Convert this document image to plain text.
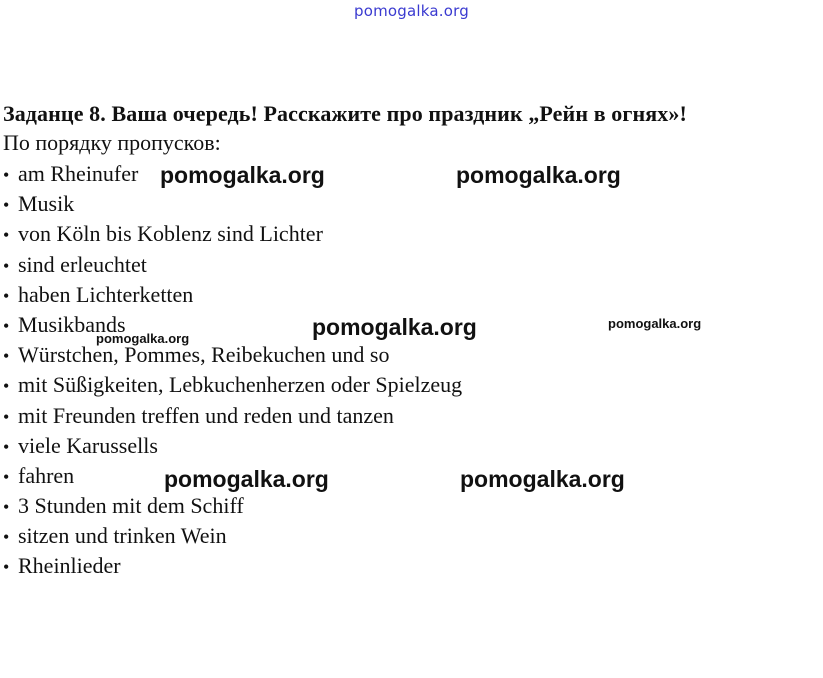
pomogalka.org
Заданце 8. Ваша очередь! Расскажите про праздник „Рейн в огнях»!
По порядку пропусков:
• am Rheinufer
• Musik
• von Köln bis Koblenz sind Lichter
• sind erleuchtet
• haben Lichterketten
• Musikbands
• Würstchen, Pommes, Reibekuchen und so
• mit Süßigkeiten, Lebkuchenherzen oder Spielzeug
• mit Freunden treffen und reden und tanzen
• viele Karussells
• fahren
• 3 Stunden mit dem Schiff
• sitzen und trinken Wein
• Rheinlieder
pomogalka.org	pomogalka.org
pomogalka.org	pomogalka.org
pomogalka.org
pomogalka.org	pomogalka.org
